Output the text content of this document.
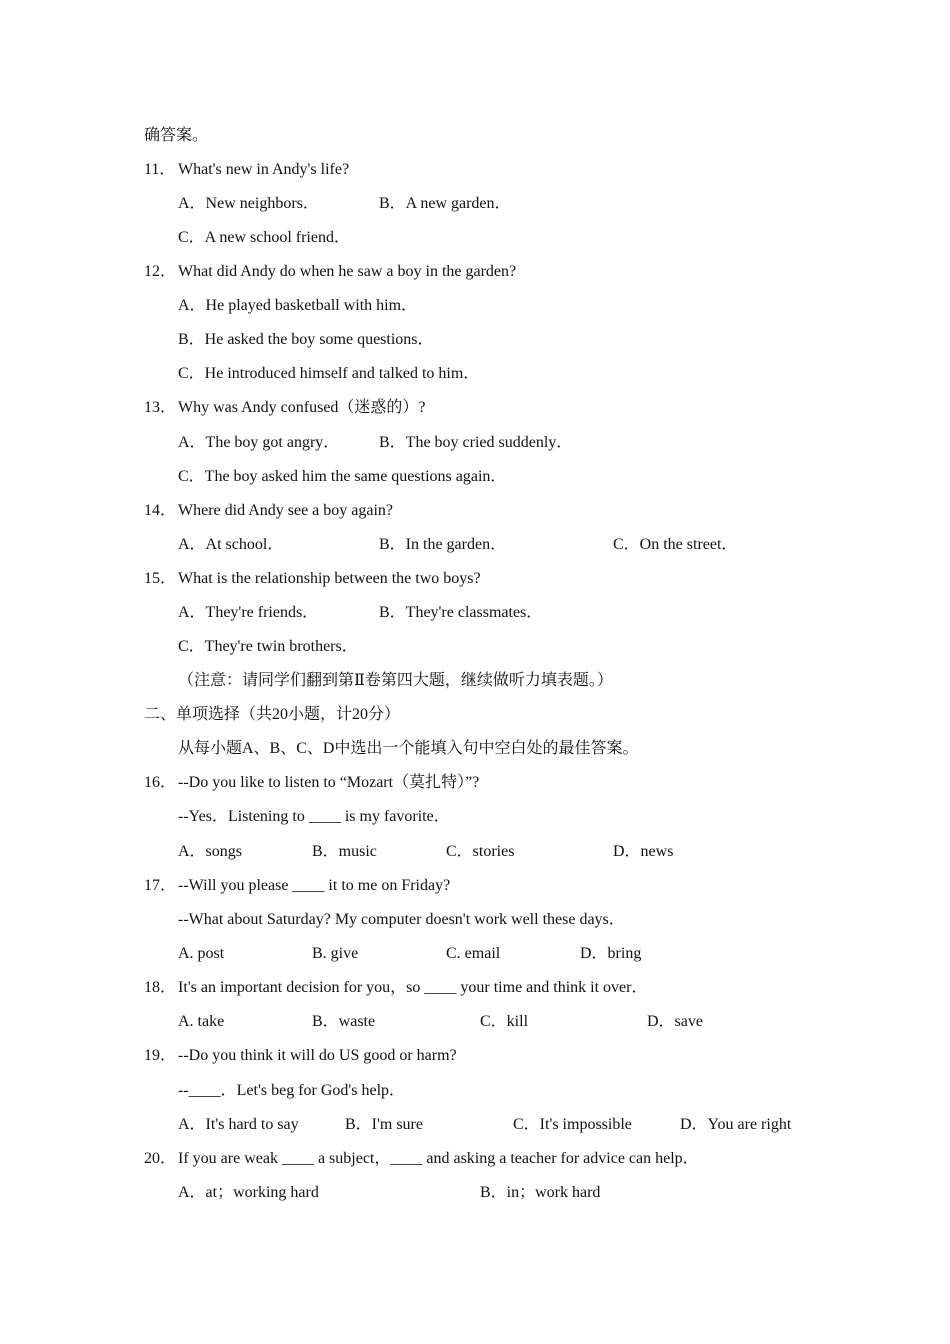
确答案。
11． What's new in Andy's life?
A．New neighbors．	B．A new garden．
C．A new school friend．
12． What did Andy do when he saw a boy in the garden?
A．He played basketball with him．
B．He asked the boy some questions．
C．He introduced himself and talked to him．
13． Why was Andy confused（迷惑的）?
A．The boy got angry． B．The boy cried suddenly．
C．The boy asked him the same questions again．
14． Where did Andy see a boy again?
A．At school．	B．In the garden．	C．On the street．
15． What is the relationship between the two boys?
A．They're friends．	B．They're classmates．
C．They're twin brothers．
（注意：请同学们翻到第Ⅱ卷第四大题，继续做听力填表题。）
二、单项选择（共20小题，计20分）
从每小题A、B、C、D中选出一个能填入句中空白处的最佳答案。
16． --Do you like to listen to “Mozart（莫扎特）”?
--Yes．Listening to ____ is my favorite．
A．songs	B．music	C．stories	D．news
17． --Will you please ____ it to me on Friday?
--What about Saturday? My computer doesn't work well these days．
A. post	B. give	C. email	D．bring
18． It's an important decision for you，so ____ your time and think it over．
A. take	B．waste	C．kill	D．save
19． --Do you think it will do US good or harm?
--____．Let's beg for God's help．
A．It's hard to say	B．I'm sure	C．It's impossible	D．You are right
20． If you are weak ____ a subject，____ and asking a teacher for advice can help．
A．at；working hard	B．in；work hard
